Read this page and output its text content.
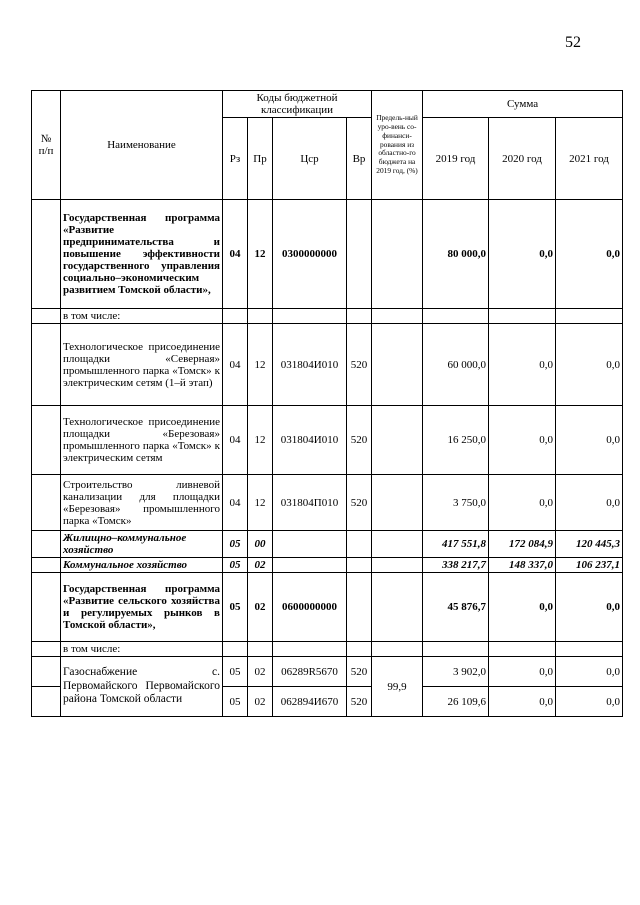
52
№
п/п	Наименование	Коды бюджетной классификации				Предель-ный уро-вень со-финанси-рования из областно-го бюджета на 2019 год, (%)	Сумма		
		Рз	Пр	Цср	Вр		2019 год	2020 год	2021 год
	Государственная программа «Развитие предпринимательства и повышение эффективности государственного управления социально–экономическим развитием Томской области»,	04	12	0300000000			80 000,0	0,0	0,0
	в том числе:								
	Технологическое присоединение площадки «Северная» промышленного парка «Томск» к электрическим сетям (1–й этап)	04	12	031804И010	520		60 000,0	0,0	0,0
	Технологическое присоединение площадки «Березовая» промышленного парка «Томск» к электрическим сетям	04	12	031804И010	520		16 250,0	0,0	0,0
	Строительство ливневой канализации для площадки «Березовая» промышленного парка «Томск»	04	12	031804П010	520		3 750,0	0,0	0,0
	Жилищно–коммунальное хозяйство	05	00				417 551,8	172 084,9	120 445,3
	Коммунальное хозяйство	05	02				338 217,7	148 337,0	106 237,1
	Государственная программа «Развитие сельского хозяйства и регулируемых рынков в Томской области»,	05	02	0600000000			45 876,7	0,0	0,0
	в том числе:								
	Газоснабжение с. Первомайского Первомайского района Томской области	05	02	06289R5670	520	99,9	3 902,0	0,0	0,0
		05	02	062894И670	520		26 109,6	0,0	0,0
